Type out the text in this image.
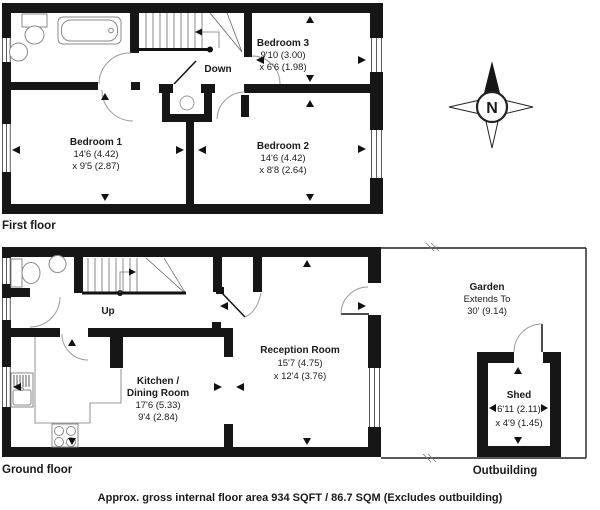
Down
Bedroom 1
14'6 (4.42)
x 9'5 (2.87)
Bedroom 2
14'6 (4.42)
x 8'8 (2.64)
Bedroom 3
9'10 (3.00)
x 6'6 (1.98)
First floor
Up
Kitchen /
Dining Room
17'6 (5.33)
9'4 (2.84)
Reception Room
15'7 (4.75)
x 12'4 (3.76)
Ground floor
Garden
Extends To
30' (9.14)
Shed
6'11 (2.11)
x 4'9 (1.45)
Outbuilding
N
Approx. gross internal floor area 934 SQFT / 86.7 SQM (Excludes outbuilding)
